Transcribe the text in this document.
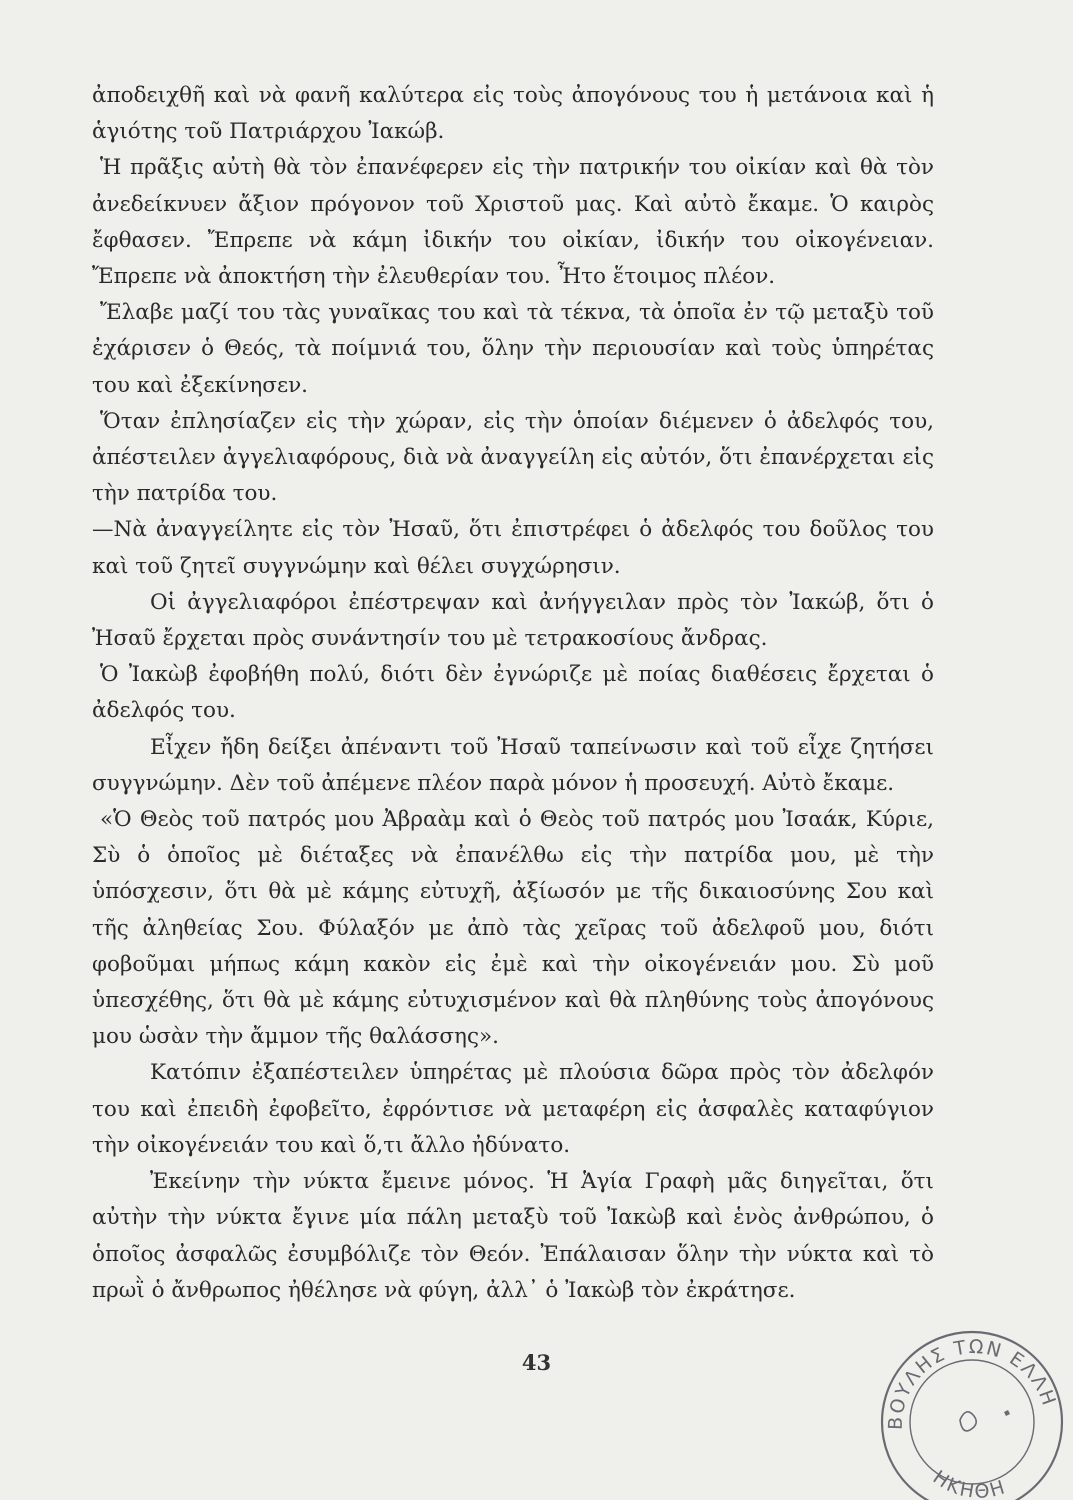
ἀποδειχθῆ καὶ νὰ φανῆ καλύτερα εἰς τοὺς ἀπογόνους του ἡ μετάνοια καὶ ἡ ἁγιότης τοῦ Πατριάρχου Ἰακώβ.

Ἡ πρᾶξις αὐτὴ θὰ τὸν ἐπανέφερεν εἰς τὴν πατρικήν του οἰκίαν καὶ θὰ τὸν ἀνεδείκνυεν ἄξιον πρόγονον τοῦ Χριστοῦ μας. Καὶ αὐτὸ ἔκαμε. Ὁ καιρὸς ἔφθασεν. Ἔπρεπε νὰ κάμη ἰδικήν του οἰκίαν, ἰδικήν του οἰκογένειαν. Ἔπρεπε νὰ ἀποκτήση τὴν ἐλευθερίαν του. Ἦτο ἕτοιμος πλέον.

Ἔλαβε μαζί του τὰς γυναῖκας του καὶ τὰ τέκνα, τὰ ὁποῖα ἐν τῷ μεταξὺ τοῦ ἐχάρισεν ὁ Θεός, τὰ ποίμνιά του, ὅλην τὴν περιουσίαν καὶ τοὺς ὑπηρέτας του καὶ ἐξεκίνησεν.

Ὅταν ἐπλησίαζεν εἰς τὴν χώραν, εἰς τὴν ὁποίαν διέμενεν ὁ ἀδελφός του, ἀπέστειλεν ἀγγελιαφόρους, διὰ νὰ ἀναγγείλη εἰς αὐτόν, ὅτι ἐπανέρχεται εἰς τὴν πατρίδα του.

—Νὰ ἀναγγείλητε εἰς τὸν Ἠσαῦ, ὅτι ἐπιστρέφει ὁ ἀδελφός του δοῦλος του καὶ τοῦ ζητεῖ συγγνώμην καὶ θέλει συγχώρησιν.

Οἱ ἀγγελιαφόροι ἐπέστρεψαν καὶ ἀνήγγειλαν πρὸς τὸν Ἰακώβ, ὅτι ὁ Ἠσαῦ ἔρχεται πρὸς συνάντησίν του μὲ τετρακοσίους ἄνδρας.

Ὁ Ἰακὼβ ἐφοβήθη πολύ, διότι δὲν ἐγνώριζε μὲ ποίας διαθέσεις ἔρχεται ὁ ἀδελφός του.

Εἶχεν ἤδη δείξει ἀπέναντι τοῦ Ἠσαῦ ταπείνωσιν καὶ τοῦ εἶχε ζητήσει συγγνώμην. Δὲν τοῦ ἀπέμενε πλέον παρὰ μόνον ἡ προσευχή. Αὐτὸ ἔκαμε.

«Ὁ Θεὸς τοῦ πατρός μου Ἀβραὰμ καὶ ὁ Θεὸς τοῦ πατρός μου Ἰσαάκ, Κύριε, Σὺ ὁ ὁποῖος μὲ διέταξες νὰ ἐπανέλθω εἰς τὴν πατρίδα μου, μὲ τὴν ὑπόσχεσιν, ὅτι θὰ μὲ κάμης εὐτυχῆ, ἀξίωσόν με τῆς δικαιοσύνης Σου καὶ τῆς ἀληθείας Σου. Φύλαξόν με ἀπὸ τὰς χεῖρας τοῦ ἀδελφοῦ μου, διότι φοβοῦμαι μήπως κάμη κακὸν εἰς ἐμὲ καὶ τὴν οἰκογένειάν μου. Σὺ μοῦ ὑπεσχέθης, ὅτι θὰ μὲ κάμης εὐτυχισμένον καὶ θὰ πληθύνης τοὺς ἀπογόνους μου ὡσὰν τὴν ἄμμον τῆς θαλάσσης».

Κατόπιν ἐξαπέστειλεν ὑπηρέτας μὲ πλούσια δῶρα πρὸς τὸν ἀδελφόν του καὶ ἐπειδὴ ἐφοβεῖτο, ἐφρόντισε νὰ μεταφέρη εἰς ἀσφαλὲς καταφύγιον τὴν οἰκογένειάν του καὶ ὅ,τι ἄλλο ἠδύνατο.

Ἐκείνην τὴν νύκτα ἔμεινε μόνος. Ἡ Ἁγία Γραφὴ μᾶς διηγεῖται, ὅτι αὐτὴν τὴν νύκτα ἔγινε μία πάλη μεταξὺ τοῦ Ἰακὼβ καὶ ἑνὸς ἀνθρώπου, ὁ ὁποῖος ἀσφαλῶς ἐσυμβόλιζε τὸν Θεόν. Ἐπάλαισαν ὅλην τὴν νύκτα καὶ τὸ πρωῒ ὁ ἄνθρωπος ἠθέλησε νὰ φύγη, ἀλλ᾽ ὁ Ἰακὼβ τὸν ἐκράτησε.

43
ΒΟΥΛΗΣ ΤΩΝ ΕΛΛΗ
ΗΚΗΘΗ
